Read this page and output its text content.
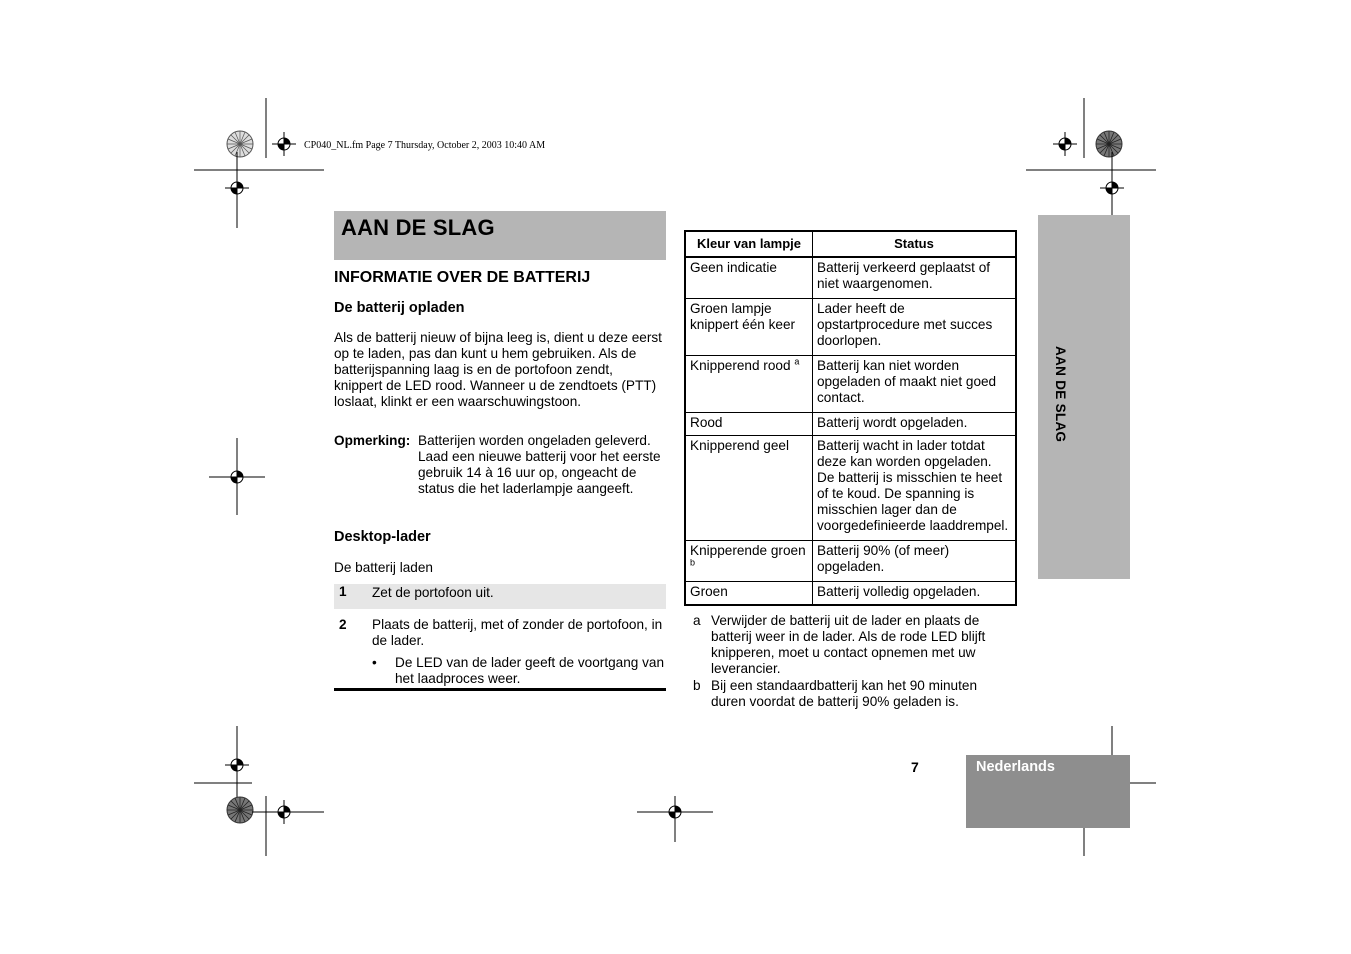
CP040_NL.fm Page 7 Thursday, October 2, 2003 10:40 AM
AAN DE SLAG
INFORMATIE OVER DE BATTERIJ
De batterij opladen
Als de batterij nieuw of bijna leeg is, dient u deze eerst op te laden, pas dan kunt u hem gebruiken. Als de batterijspanning laag is en de portofoon zendt, knippert de LED rood. Wanneer u de zendtoets (PTT) loslaat, klinkt er een waarschuwingstoon.
Opmerking: Batterijen worden ongeladen geleverd. Laad een nieuwe batterij voor het eerste gebruik 14 à 16 uur op, ongeacht de status die het laderlampje aangeeft.
Desktop-lader
De batterij laden
1 Zet de portofoon uit.
2 Plaats de batterij, met of zonder de portofoon, in de lader.
• De LED van de lader geeft de voortgang van het laadproces weer.
Kleur van lampje	Status
Geen indicatie	Batterij verkeerd geplaatst of niet waargenomen.
Groen lampje knippert één keer	Lader heeft de opstartprocedure met succes doorlopen.
Knipperend rood $^a$	Batterij kan niet worden opgeladen of maakt niet goed contact.
Rood	Batterij wordt opgeladen.
Knipperend geel	Batterij wacht in lader totdat deze kan worden opgeladen. De batterij is misschien te heet of te koud. De spanning is misschien lager dan de voorgedefinieerde laaddrempel.
Knipperende groen $^b$	Batterij 90% (of meer) opgeladen.
Groen	Batterij volledig opgeladen.
a Verwijder de batterij uit de lader en plaats de batterij weer in de lader. Als de rode LED blijft knipperen, moet u contact opnemen met uw leverancier.
b Bij een standaardbatterij kan het 90 minuten duren voordat de batterij 90% geladen is.
AAN DE SLAG
7	Nederlands
